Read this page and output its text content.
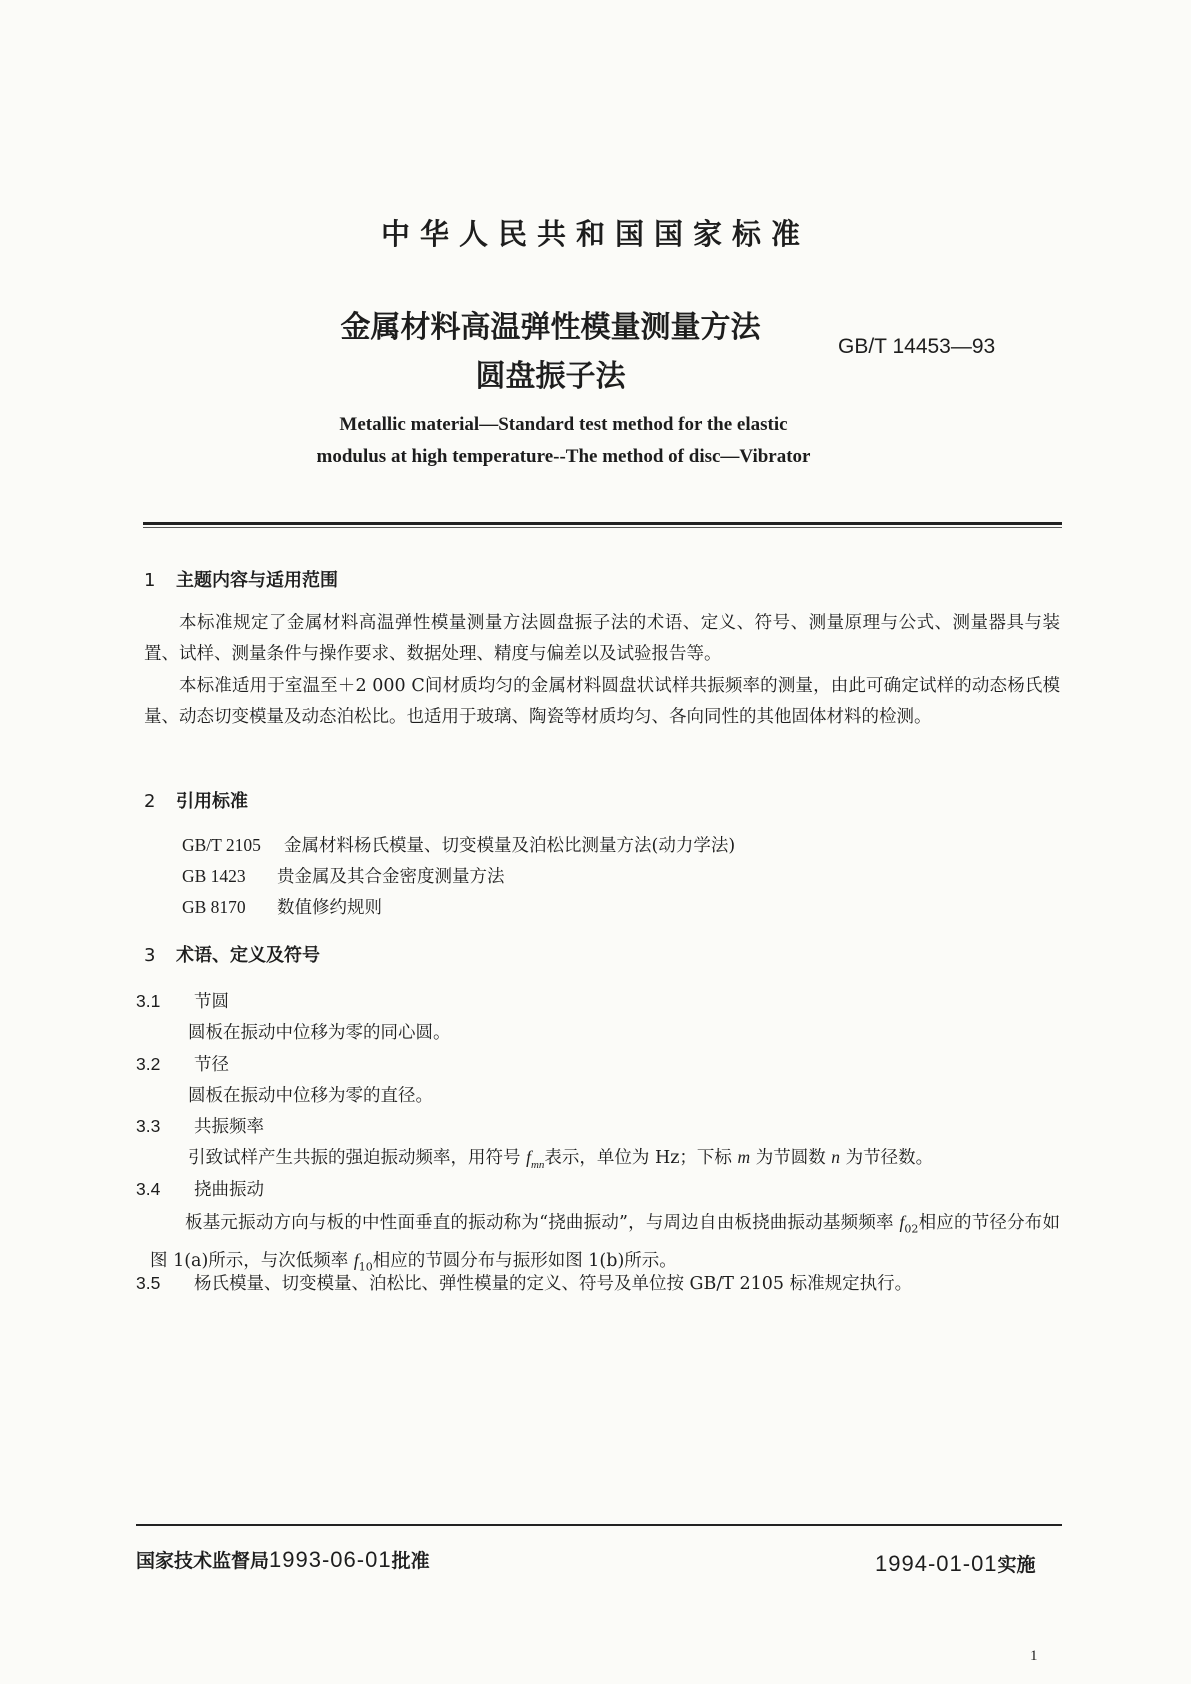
中华人民共和国国家标准
金属材料高温弹性模量测量方法
圆盘振子法
GB/T 14453—93
Metallic material—Standard test method for the elastic
modulus at high temperature--The method of disc—Vibrator
1 主题内容与适用范围
本标准规定了金属材料高温弹性模量测量方法圆盘振子法的术语、定义、符号、测量原理与公式、测量器具与装置、试样、测量条件与操作要求、数据处理、精度与偏差以及试验报告等。
本标准适用于室温至＋2 000 C间材质均匀的金属材料圆盘状试样共振频率的测量，由此可确定试样的动态杨氏模量、动态切变模量及动态泊松比。也适用于玻璃、陶瓷等材质均匀、各向同性的其他固体材料的检测。
2 引用标准
GB/T 2105 金属材料杨氏模量、切变模量及泊松比测量方法(动力学法)
GB 1423 贵金属及其合金密度测量方法
GB 8170 数值修约规则
3 术语、定义及符号
3.1 节圆
圆板在振动中位移为零的同心圆。
3.2 节径
圆板在振动中位移为零的直径。
3.3 共振频率
引致试样产生共振的强迫振动频率，用符号 $f_{mn}$表示，单位为 Hz；下标 m 为节圆数 n 为节径数。
3.4 挠曲振动
板基元振动方向与板的中性面垂直的振动称为“挠曲振动”，与周边自由板挠曲振动基频频率 $f_{02}$相应的节径分布如图 1(a)所示，与次低频率 $f_{10}$相应的节圆分布与振形如图 1(b)所示。
3.5 杨氏模量、切变模量、泊松比、弹性模量的定义、符号及单位按 GB/T 2105 标准规定执行。
国家技术监督局1993-06-01批准	1994-01-01实施
1
